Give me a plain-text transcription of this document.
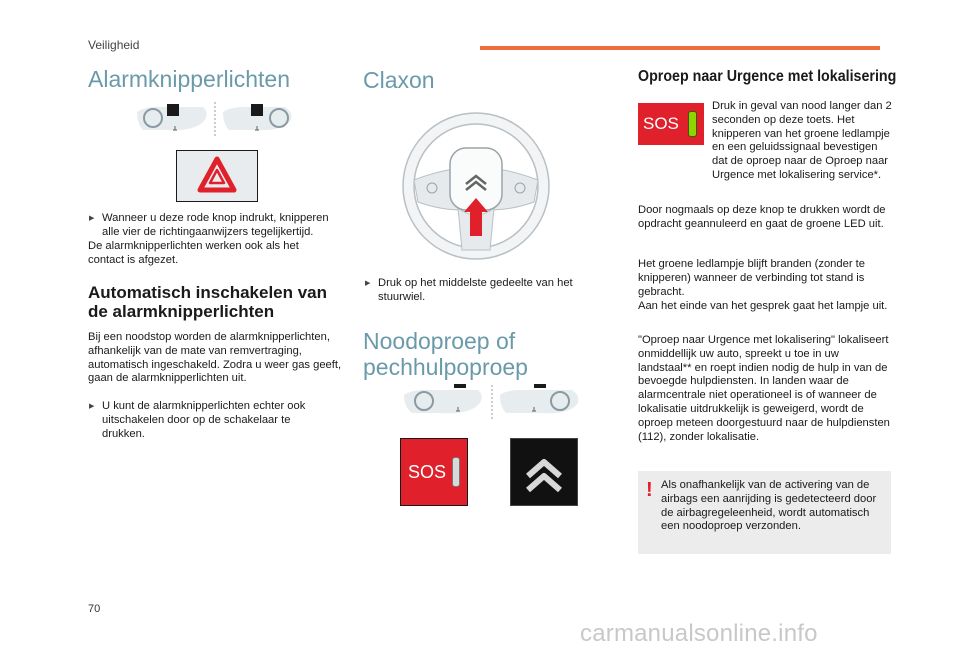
Veiligheid
Alarmknipperlichten
▶ Wanneer u deze rode knop indrukt, knipperen alle vier de richtingaanwijzers tegelijkertijd.
De alarmknipperlichten werken ook als het contact is afgezet.
Automatisch inschakelen van de alarmknipperlichten
Bij een noodstop worden de alarmknipperlichten, afhankelijk van de mate van remvertraging, automatisch ingeschakeld. Zodra u weer gas geeft, gaan de alarmknipperlichten uit.
▶ U kunt de alarmknipperlichten echter ook uitschakelen door op de schakelaar te drukken.
Claxon
▶ Druk op het middelste gedeelte van het stuurwiel.
Noodoproep of pechhulpoproep
SOS
Oproep naar Urgence met lokalisering
SOS
Druk in geval van nood langer dan 2 seconden op deze toets. Het knipperen van het groene ledlampje en een geluidssignaal bevestigen dat de oproep naar de Oproep naar Urgence met lokalisering service*.
Door nogmaals op deze knop te drukken wordt de opdracht geannuleerd en gaat de groene LED uit.
Het groene ledlampje blijft branden (zonder te knipperen) wanneer de verbinding tot stand is gebracht.
Aan het einde van het gesprek gaat het lampje uit.
"Oproep naar Urgence met lokalisering" lokaliseert onmiddellijk uw auto, spreekt u toe in uw landstaal** en roept indien nodig de hulp in van de bevoegde hulpdiensten. In landen waar de alarmcentrale niet operationeel is of wanneer de lokalisatie uitdrukkelijk is geweigerd, wordt de oproep meteen doorgestuurd naar de hulpdiensten (112), zonder lokalisatie.
! Als onafhankelijk van de activering van de airbags een aanrijding is gedetecteerd door de airbagregeleenheid, wordt automatisch een noodoproep verzonden.
70
carmanualsonline.info
